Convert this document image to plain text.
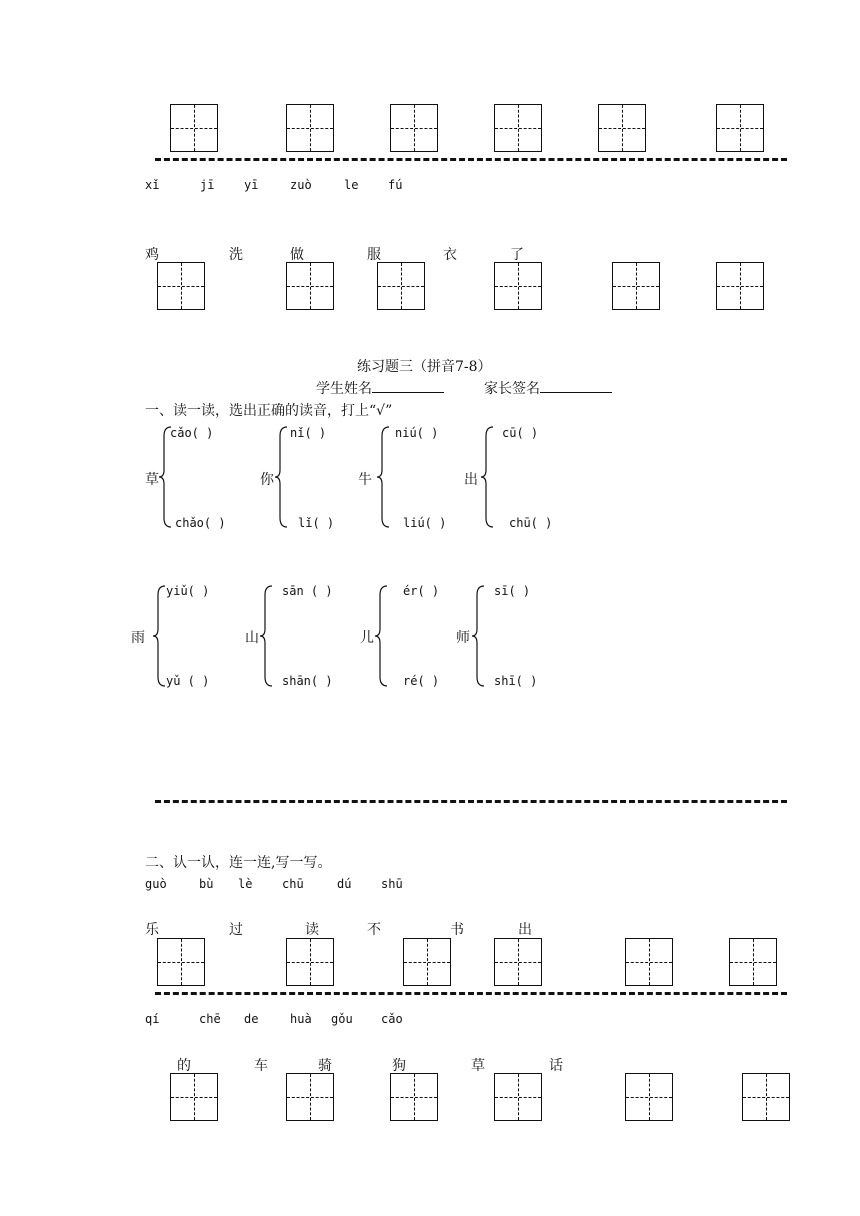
xǐ	jī yī	zuò	le fú
鸡	洗	做	服	衣	了
练习题三（拼音7-8）
学生姓名	家长签名
一、读一读，选出正确的读音，打上“√”
草
cǎo( )
chǎo( )
你
nǐ( )
lǐ( )
牛
niú( )
liú( )
出
cū( )
chū( )
雨
yiǔ( )
yǔ ( )
山
sān ( )
shān( )
儿
ér( )
ré( )
师
sī( )
shī( )
二、认一认，连一连,写一写。
guò	bù lè chū	dú shū
乐	过	读	不	书	出
qí	chē de	huà gǒu cǎo
的	车	骑	狗	草	话
